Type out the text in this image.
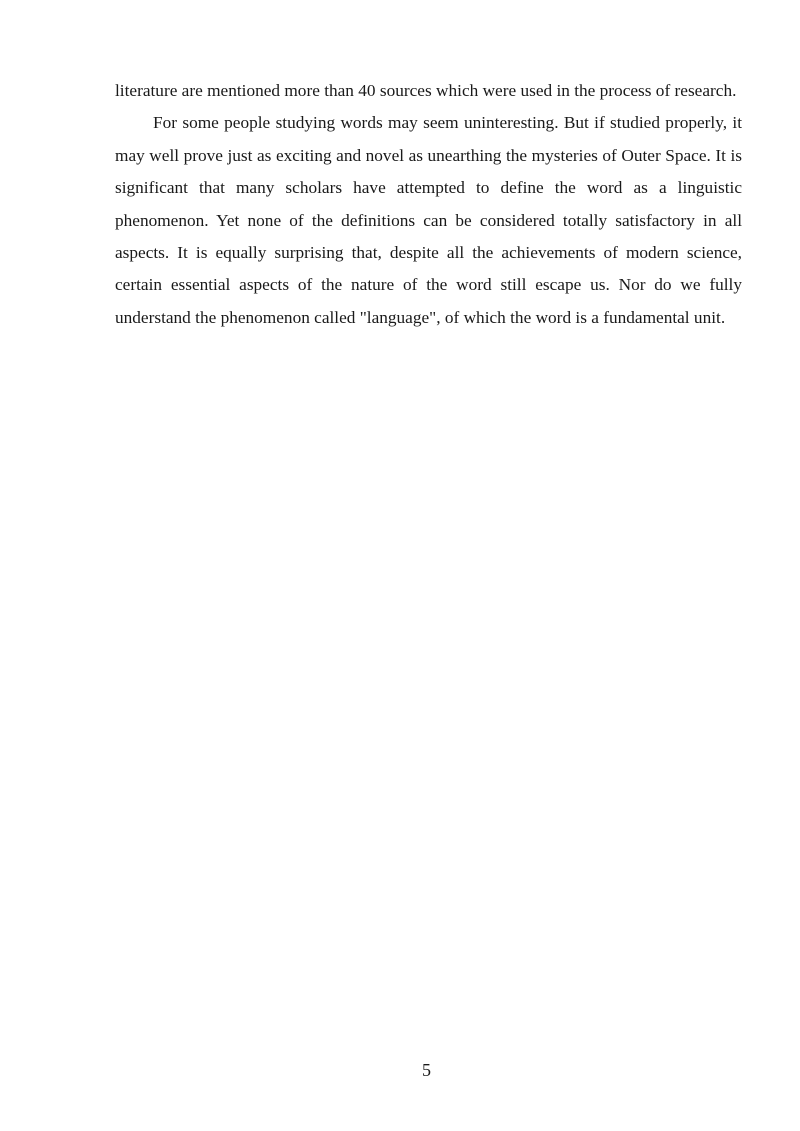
literature are mentioned more than 40 sources which were used in the process of research.

For some people studying words may seem uninteresting. But if studied properly, it may well prove just as exciting and novel as unearthing the mysteries of Outer Space. It is significant that many scholars have attempted to define the word as a linguistic phenomenon. Yet none of the definitions can be considered totally satisfactory in all aspects. It is equally surprising that, despite all the achievements of modern science, certain essential aspects of the nature of the word still escape us. Nor do we fully understand the phenomenon called "language", of which the word is a fundamental unit.

5
